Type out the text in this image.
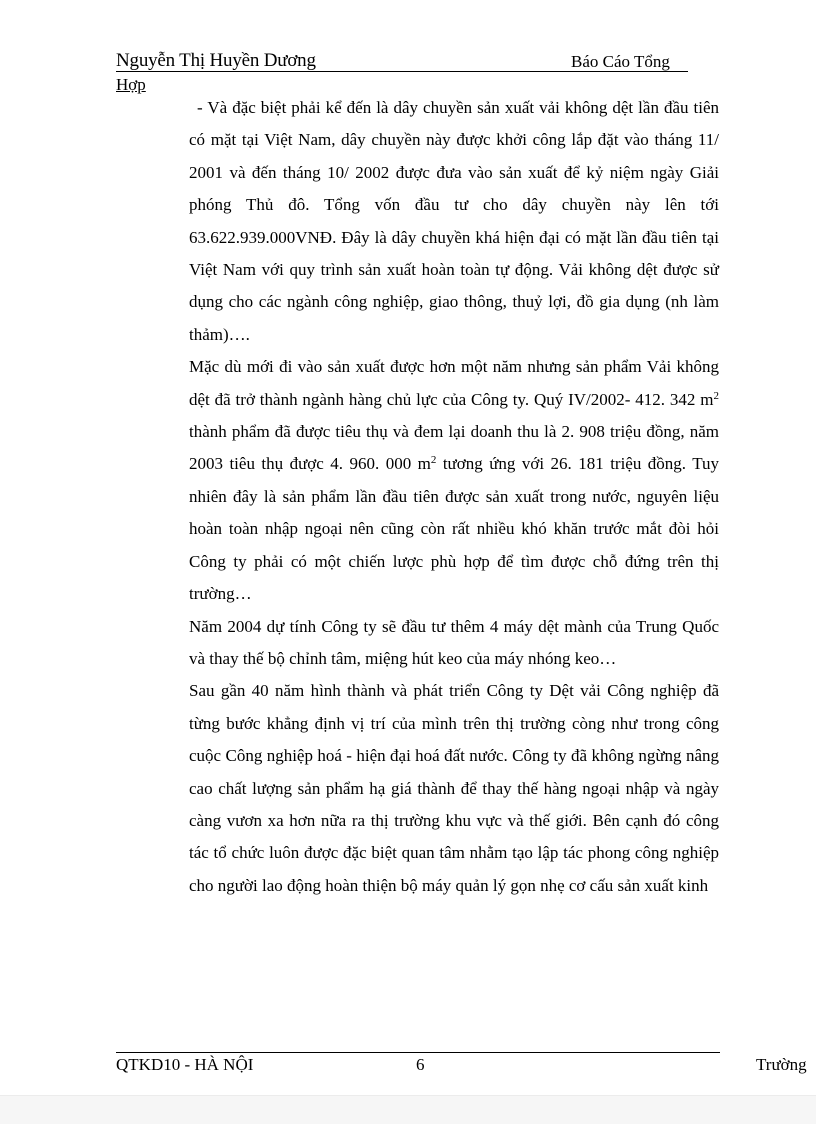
Nguyễn Thị Huyền Dương	Báo Cáo Tổng
Hợp

- Và đặc biệt phải kể đến là dây chuyền sản xuất vải không dệt lần đầu tiên có mặt tại Việt Nam, dây chuyền này được khởi công lắp đặt vào tháng 11/ 2001 và đến tháng 10/ 2002 được đưa vào sản xuất để kỷ niệm ngày Giải phóng Thủ đô. Tổng vốn đầu tư cho dây chuyền này lên tới 63.622.939.000VNĐ. Đây là dây chuyền khá hiện đại có mặt lần đầu tiên tại Việt Nam với quy trình sản xuất hoàn toàn tự động. Vải không dệt được sử dụng cho các ngành công nghiệp, giao thông, thuỷ lợi, đồ gia dụng (nh làm thảm)….

Mặc dù mới đi vào sản xuất được hơn một năm nhưng sản phẩm Vải không dệt đã trở thành ngành hàng chủ lực của Công ty. Quý IV/2002- 412. 342 $m^2$ thành phẩm đã được tiêu thụ và đem lại doanh thu là 2. 908 triệu đồng, năm 2003 tiêu thụ được 4. 960. 000 $m^2$ tương ứng với 26. 181 triệu đồng. Tuy nhiên đây là sản phẩm lần đầu tiên được sản xuất trong nước, nguyên liệu hoàn toàn nhập ngoại nên cũng còn rất nhiều khó khăn trước mắt đòi hỏi Công ty phải có một chiến lược phù hợp để tìm được chỗ đứng trên thị trường…

Năm 2004 dự tính Công ty sẽ đầu tư thêm 4 máy dệt mành của Trung Quốc và thay thế bộ chỉnh tâm, miệng hút keo của máy nhóng keo…

Sau gần 40 năm hình thành và phát triển Công ty Dệt vải Công nghiệp đã từng bước khẳng định vị trí của mình trên thị trường còng như trong công cuộc Công nghiệp hoá - hiện đại hoá đất nước. Công ty đã không ngừng nâng cao chất lượng sản phẩm hạ giá thành để thay thế hàng ngoại nhập và ngày càng vươn xa hơn nữa ra thị trường khu vực và thế giới. Bên cạnh đó công tác tổ chức luôn được đặc biệt quan tâm nhằm tạo lập tác phong công nghiệp cho người lao động hoàn thiện bộ máy quản lý gọn nhẹ cơ cấu sản xuất kinh

QTKD10 - HÀ NỘI	6	Trường
